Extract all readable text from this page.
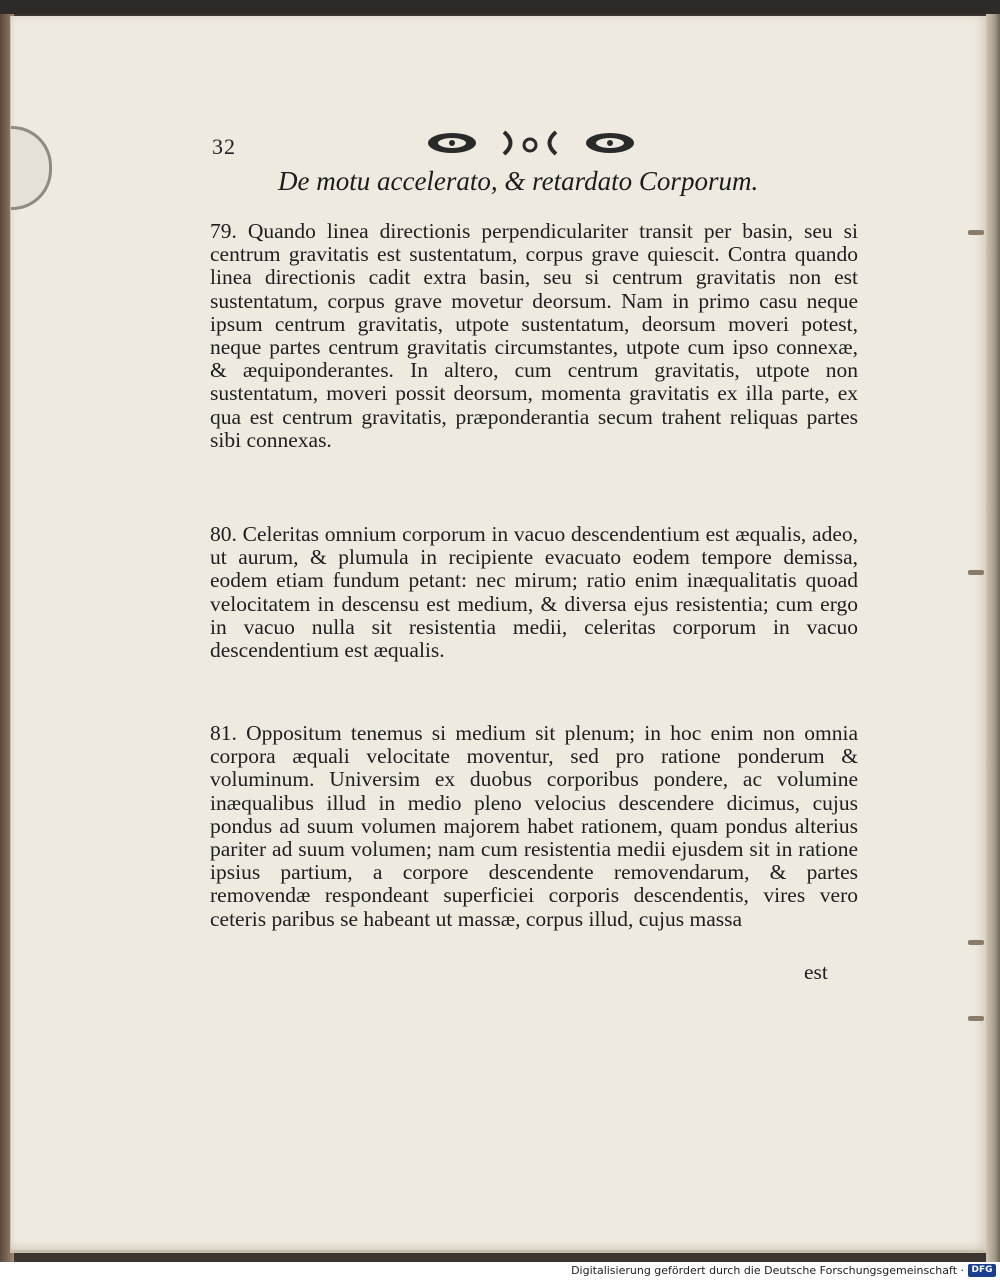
32
De motu accelerato, & retardato Corporum.

79. Quando linea directionis perpendiculariter transit per basin, seu si centrum gravitatis est sustentatum, corpus grave quiescit. Contra quando linea directionis cadit extra basin, seu si centrum gravitatis non est sustentatum, corpus grave movetur deorsum. Nam in primo casu neque ipsum centrum gravitatis, utpote sustentatum, deorsum moveri potest, neque partes centrum gravitatis circumstantes, utpote cum ipso connexæ, & æquiponderantes. In altero, cum centrum gravitatis, utpote non sustentatum, moveri possit deorsum, momenta gravitatis ex illa parte, ex qua est centrum gravitatis, præponderantia secum trahent reliquas partes sibi connexas.

80. Celeritas omnium corporum in vacuo descendentium est æqualis, adeo, ut aurum, & plumula in recipiente evacuato eodem tempore demissa, eodem etiam fundum petant: nec mirum; ratio enim inæqualitatis quoad velocitatem in descensu est medium, & diversa ejus resistentia; cum ergo in vacuo nulla sit resistentia medii, celeritas corporum in vacuo descendentium est æqualis.

81. Oppositum tenemus si medium sit plenum; in hoc enim non omnia corpora æquali velocitate moventur, sed pro ratione ponderum & voluminum. Universim ex duobus corporibus pondere, ac volumine inæqualibus illud in medio pleno velocius descendere dicimus, cujus pondus ad suum volumen majorem habet rationem, quam pondus alterius pariter ad suum volumen; nam cum resistentia medii ejusdem sit in ratione ipsius partium, a corpore descendente removendarum, & partes removendæ respondeant superficiei corporis descendentis, vires vero ceteris paribus se habeant ut massæ, corpus illud, cujus massa

est
Digitalisierung gefördert durch die Deutsche Forschungsgemeinschaft · DFG
